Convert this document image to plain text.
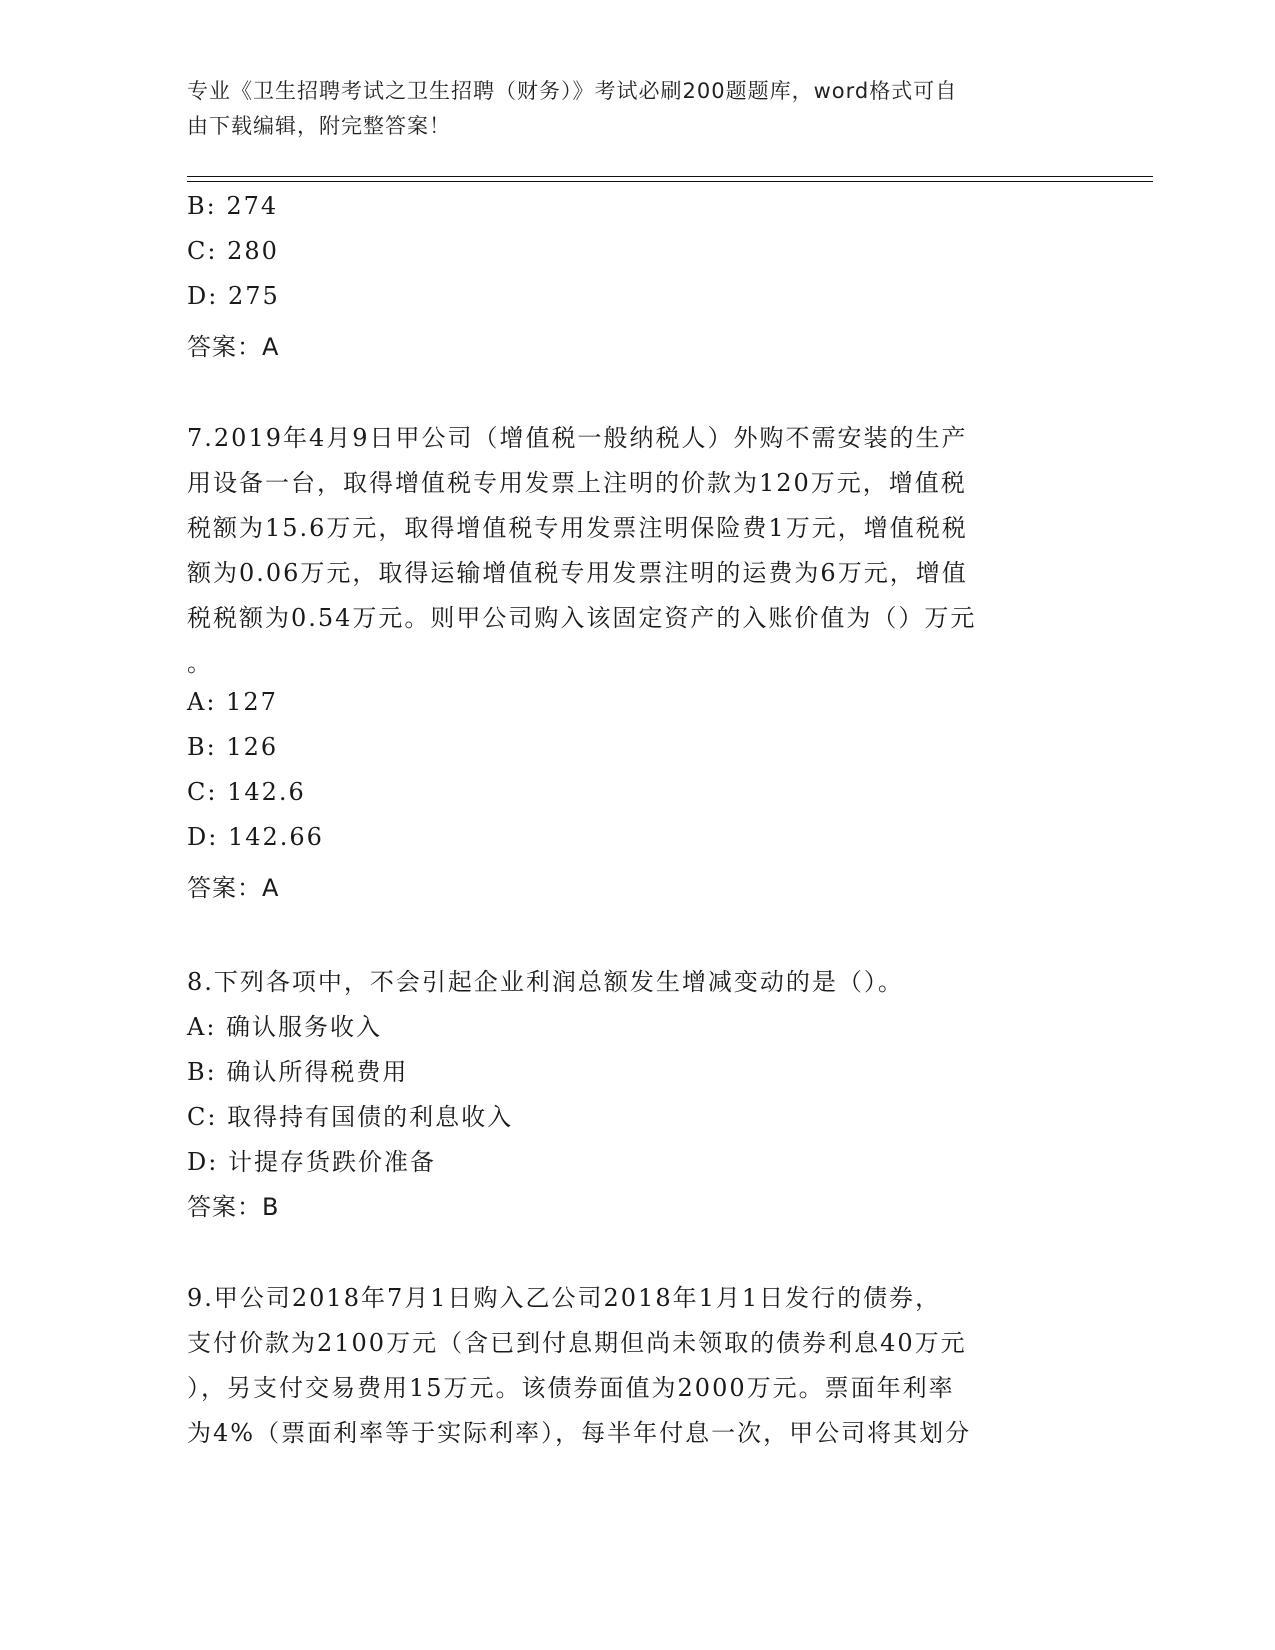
专业《卫生招聘考试之卫生招聘（财务）》考试必刷200题题库，word格式可自
由下载编辑，附完整答案！
B: 274
C: 280
D: 275
答案：A
7.2019年4月9日甲公司（增值税一般纳税人）外购不需安装的生产
用设备一台，取得增值税专用发票上注明的价款为120万元，增值税
税额为15.6万元，取得增值税专用发票注明保险费1万元，增值税税
额为0.06万元，取得运输增值税专用发票注明的运费为6万元，增值
税税额为0.54万元。则甲公司购入该固定资产的入账价值为（）万元
。
A: 127
B: 126
C: 142.6
D: 142.66
答案：A
8.下列各项中，不会引起企业利润总额发生增减变动的是（）。
A: 确认服务收入
B: 确认所得税费用
C: 取得持有国债的利息收入
D: 计提存货跌价准备
答案：B
9.甲公司2018年7月1日购入乙公司2018年1月1日发行的债券，
支付价款为2100万元（含已到付息期但尚未领取的债券利息40万元
），另支付交易费用15万元。该债券面值为2000万元。票面年利率
为4%（票面利率等于实际利率），每半年付息一次，甲公司将其划分
